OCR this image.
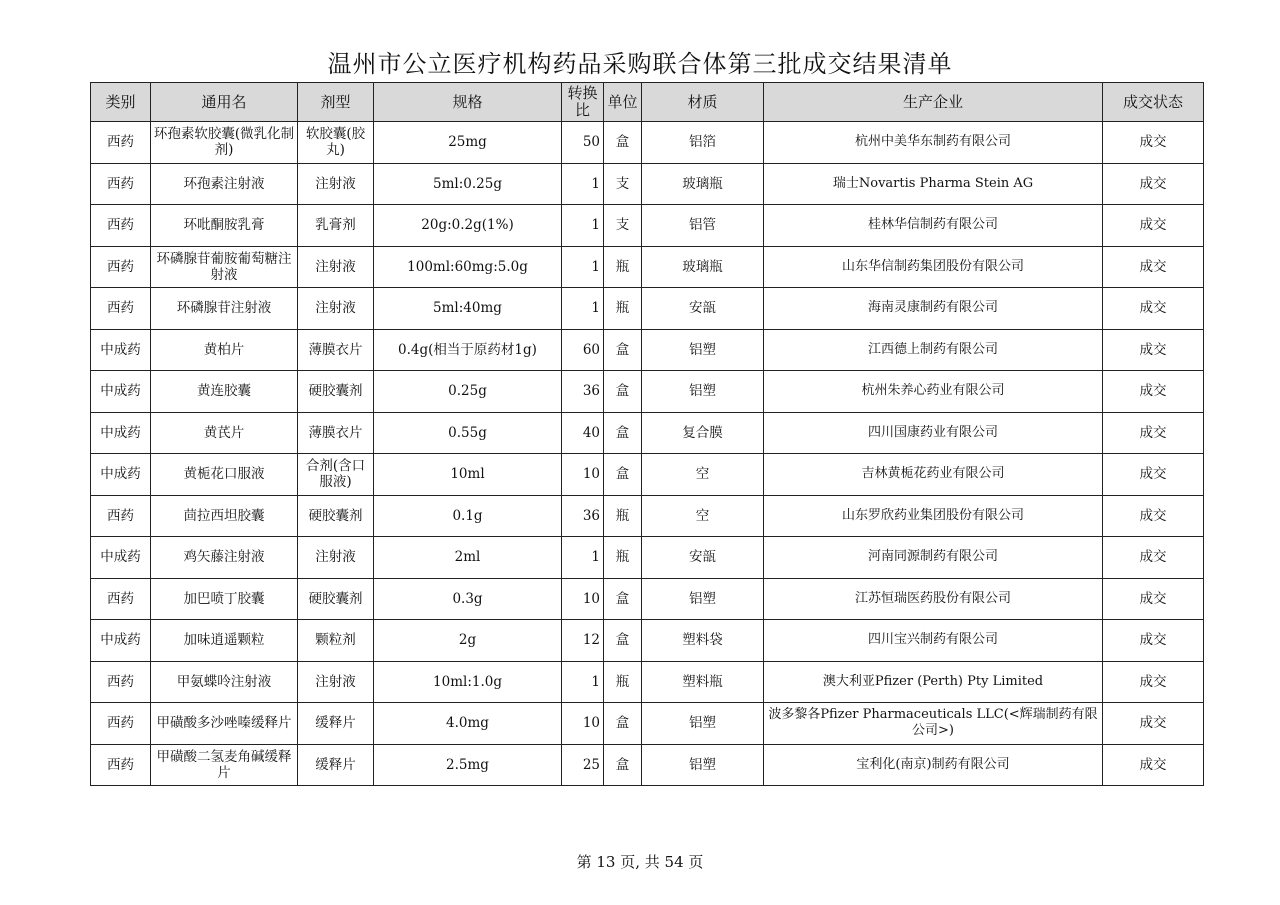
温州市公立医疗机构药品采购联合体第三批成交结果清单
类别	通用名	剂型	规格	转换比	单位	材质	生产企业	成交状态
西药	环孢素软胶囊(微乳化制剂)	软胶囊(胶丸)	25mg	50	盒	铝箔	杭州中美华东制药有限公司	成交
西药	环孢素注射液	注射液	5ml:0.25g	1	支	玻璃瓶	瑞士Novartis Pharma Stein AG	成交
西药	环吡酮胺乳膏	乳膏剂	20g:0.2g(1%)	1	支	铝管	桂林华信制药有限公司	成交
西药	环磷腺苷葡胺葡萄糖注射液	注射液	100ml:60mg:5.0g	1	瓶	玻璃瓶	山东华信制药集团股份有限公司	成交
西药	环磷腺苷注射液	注射液	5ml:40mg	1	瓶	安瓿	海南灵康制药有限公司	成交
中成药	黄柏片	薄膜衣片	0.4g(相当于原药材1g)	60	盒	铝塑	江西德上制药有限公司	成交
中成药	黄连胶囊	硬胶囊剂	0.25g	36	盒	铝塑	杭州朱养心药业有限公司	成交
中成药	黄芪片	薄膜衣片	0.55g	40	盒	复合膜	四川国康药业有限公司	成交
中成药	黄栀花口服液	合剂(含口服液)	10ml	10	盒	空	吉林黄栀花药业有限公司	成交
西药	茴拉西坦胶囊	硬胶囊剂	0.1g	36	瓶	空	山东罗欣药业集团股份有限公司	成交
中成药	鸡矢藤注射液	注射液	2ml	1	瓶	安瓿	河南同源制药有限公司	成交
西药	加巴喷丁胶囊	硬胶囊剂	0.3g	10	盒	铝塑	江苏恒瑞医药股份有限公司	成交
中成药	加味逍遥颗粒	颗粒剂	2g	12	盒	塑料袋	四川宝兴制药有限公司	成交
西药	甲氨蝶呤注射液	注射液	10ml:1.0g	1	瓶	塑料瓶	澳大利亚Pfizer (Perth) Pty Limited	成交
西药	甲磺酸多沙唑嗪缓释片	缓释片	4.0mg	10	盒	铝塑	波多黎各Pfizer Pharmaceuticals LLC(<辉瑞制药有限公司>)	成交
西药	甲磺酸二氢麦角碱缓释片	缓释片	2.5mg	25	盒	铝塑	宝利化(南京)制药有限公司	成交
第 13 页, 共 54 页
